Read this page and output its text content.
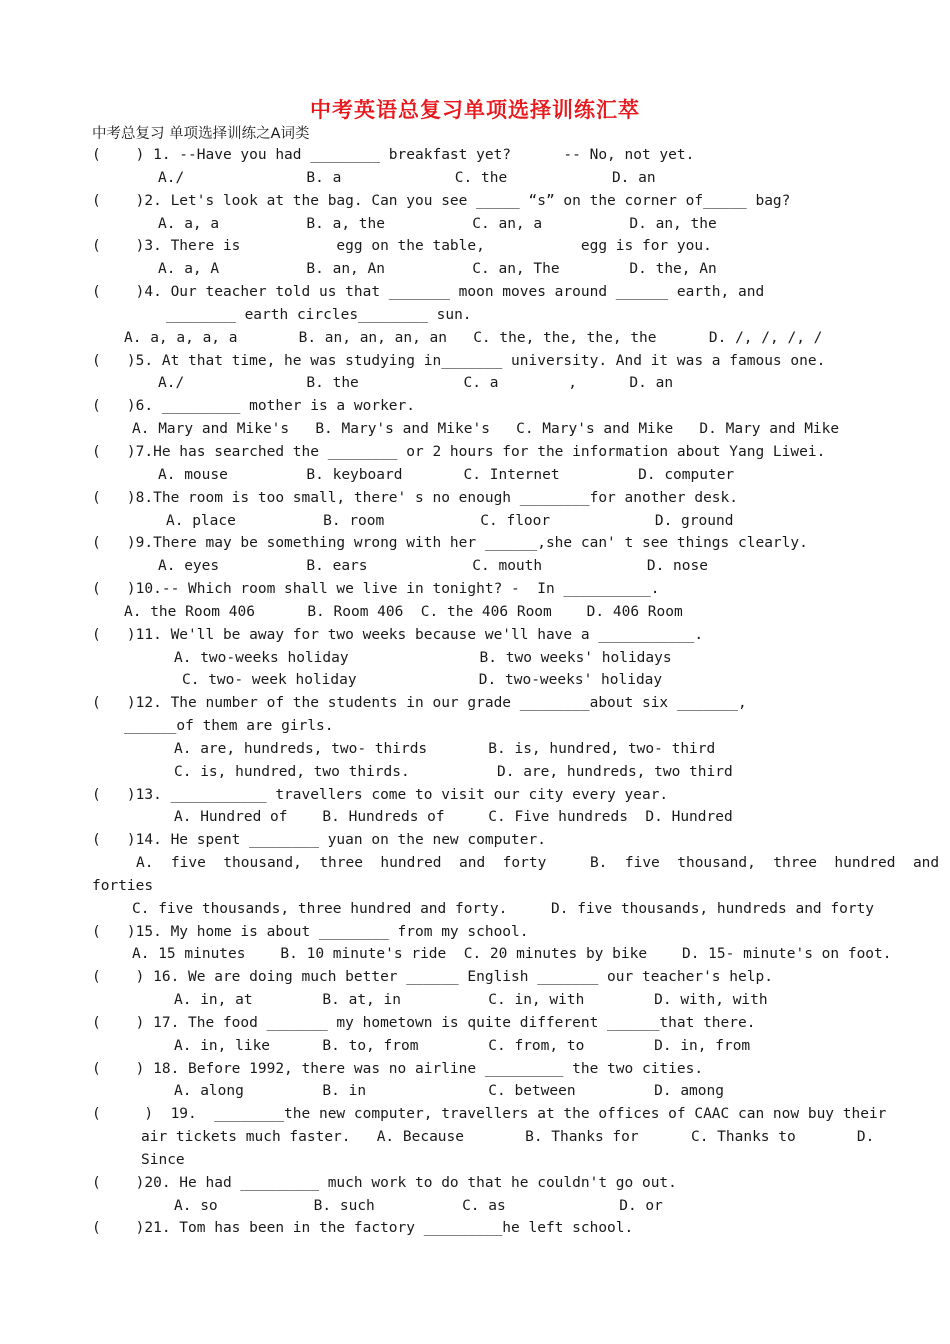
中考英语总复习单项选择训练汇萃
中考总复习 单项选择训练之A词类
(    ) 1. --Have you had ________ breakfast yet?      -- No, not yet.
A./              B. a             C. the            D. an
(    )2. Let's look at the bag. Can you see _____ “s” on the corner of_____ bag?
A. a, a          B. a, the          C. an, a          D. an, the
(    )3. There is           egg on the table,           egg is for you.
A. a, A          B. an, An          C. an, The        D. the, An
(    )4. Our teacher told us that _______ moon moves around ______ earth, and
________ earth circles________ sun.
A. a, a, a, a       B. an, an, an, an   C. the, the, the, the      D. /, /, /, /
(   )5. At that time, he was studying in_______ university. And it was a famous one.
A./              B. the            C. a        ,      D. an
(   )6. _________ mother is a worker.
A. Mary and Mike's   B. Mary's and Mike's   C. Mary's and Mike   D. Mary and Mike
(   )7.He has searched the ________ or 2 hours for the information about Yang Liwei.
A. mouse         B. keyboard       C. Internet         D. computer
(   )8.The room is too small, there' s no enough ________for another desk.
A. place          B. room           C. floor            D. ground
(   )9.There may be something wrong with her ______,she can' t see things clearly.
A. eyes          B. ears            C. mouth            D. nose
(   )10.-- Which room shall we live in tonight? -  In __________.
A. the Room 406      B. Room 406  C. the 406 Room    D. 406 Room
(   )11. We'll be away for two weeks because we'll have a ___________.
A. two-weeks holiday               B. two weeks' holidays
C. two- week holiday              D. two-weeks' holiday
(   )12. The number of the students in our grade ________about six _______,
______of them are girls.
A. are, hundreds, two- thirds       B. is, hundred, two- third
C. is, hundred, two thirds.          D. are, hundreds, two third
(   )13. ___________ travellers come to visit our city every year.
A. Hundred of    B. Hundreds of     C. Five hundreds  D. Hundred
(   )14. He spent ________ yuan on the new computer.
A.  five  thousand,  three  hundred  and  forty     B.  five  thousand,  three  hundred  and
forties
C. five thousands, three hundred and forty.     D. five thousands, hundreds and forty
(   )15. My home is about ________ from my school.
A. 15 minutes    B. 10 minute's ride  C. 20 minutes by bike    D. 15- minute's on foot.
(    ) 16. We are doing much better ______ English _______ our teacher's help.
A. in, at        B. at, in          C. in, with        D. with, with
(    ) 17. The food _______ my hometown is quite different ______that there.
A. in, like      B. to, from        C. from, to        D. in, from
(    ) 18. Before 1992, there was no airline _________ the two cities.
A. along         B. in              C. between         D. among
(     )  19.  ________the new computer, travellers at the offices of CAAC can now buy their
air tickets much faster.   A. Because       B. Thanks for      C. Thanks to       D.
Since
(    )20. He had _________ much work to do that he couldn't go out.
A. so           B. such          C. as             D. or
(    )21. Tom has been in the factory _________he left school.
